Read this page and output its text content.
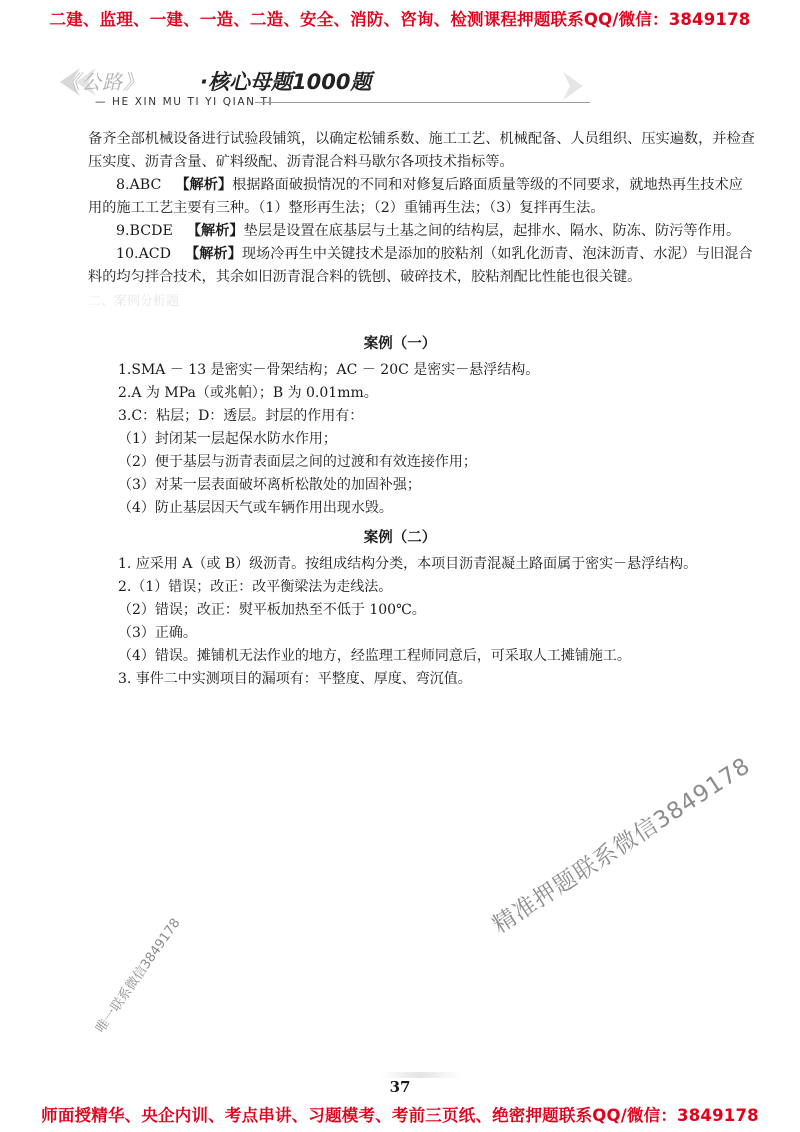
二建、监理、一建、一造、二造、安全、消防、咨询、检测课程押题联系QQ/微信：3849178
《公路》	·核心母题1000题
— HE XIN MU TI YI QIAN TI
备齐全部机械设备进行试验段铺筑，以确定松铺系数、施工工艺、机械配备、人员组织、压实遍数，并检查压实度、沥青含量、矿料级配、沥青混合料马歇尔各项技术指标等。
8.ABC 【解析】根据路面破损情况的不同和对修复后路面质量等级的不同要求，就地热再生技术应用的施工工艺主要有三种。（1）整形再生法；（2）重铺再生法；（3）复拌再生法。
9.BCDE 【解析】垫层是设置在底基层与土基之间的结构层，起排水、隔水、防冻、防污等作用。
10.ACD 【解析】现场冷再生中关键技术是添加的胶粘剂（如乳化沥青、泡沫沥青、水泥）与旧混合料的均匀拌合技术，其余如旧沥青混合料的铣刨、破碎技术，胶粘剂配比性能也很关键。
二、案例分析题
案例（一）
1.SMA － 13 是密实－骨架结构；AC － 20C 是密实－悬浮结构。
2.A 为 MPa（或兆帕）；B 为 0.01mm。
3.C：粘层；D：透层。封层的作用有：
（1）封闭某一层起保水防水作用；
（2）便于基层与沥青表面层之间的过渡和有效连接作用；
（3）对某一层表面破坏离析松散处的加固补强；
（4）防止基层因天气或车辆作用出现水毁。
案例（二）
1. 应采用 A（或 B）级沥青。按组成结构分类，本项目沥青混凝土路面属于密实－悬浮结构。
2.（1）错误；改正：改平衡梁法为走线法。
（2）错误；改正：熨平板加热至不低于 100℃。
（3）正确。
（4）错误。摊铺机无法作业的地方，经监理工程师同意后，可采取人工摊铺施工。
3. 事件二中实测项目的漏项有：平整度、厚度、弯沉值。
精准押题联系微信3849178
唯一联系微信3849178
37
师面授精华、央企内训、考点串讲、习题模考、考前三页纸、绝密押题联系QQ/微信：3849178
